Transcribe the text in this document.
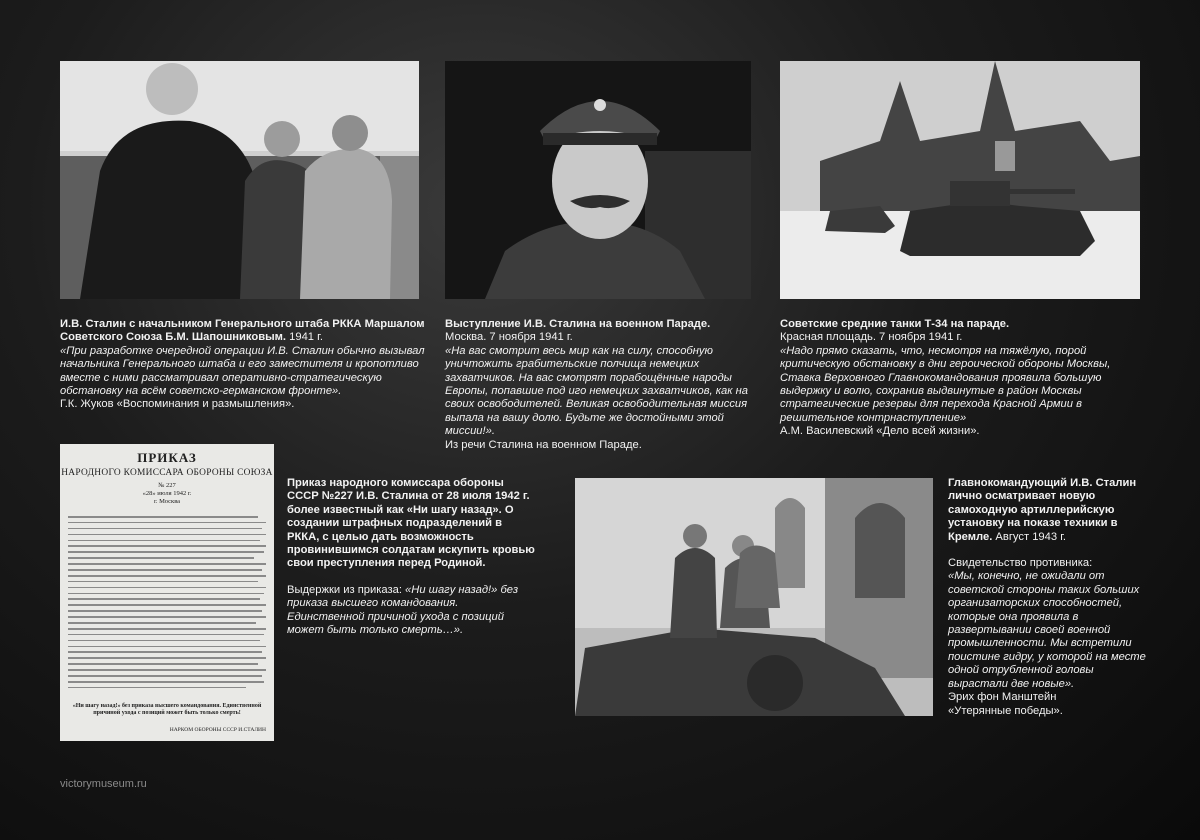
И.В. Сталин с начальником Генерального штаба РККА Маршалом Советского Союза Б.М. Шапошниковым. 1941 г.

«При разработке очередной операции И.В. Сталин обычно вызывал начальника Генерального штаба и его заместителя и кропотливо вместе с ними рассматривал оперативно-стратегическую обстановку на всём советско-германском фронте».

Г.К. Жуков «Воспоминания и размышления».

Выступление И.В. Сталина на военном Параде.

Москва. 7 ноября 1941 г.

«На вас смотрит весь мир как на силу, способную уничтожить грабительские полчища немецких захватчиков. На вас смотрят порабощённые народы Европы, попавшие под иго немецких захватчиков, как на своих освободителей. Великая освободительная миссия выпала на вашу долю. Будьте же достойными этой миссии!».

Из речи Сталина на военном Параде.

Советские средние танки Т-34 на параде.

Красная площадь. 7 ноября 1941 г.

«Надо прямо сказать, что, несмотря на тяжёлую, порой критическую обстановку в дни героической обороны Москвы, Ставка Верховного Главнокомандования проявила большую выдержку и волю, сохранив выдвинутые в район Москвы стратегические резервы для перехода Красной Армии в решительное контрнаступление»

А.М. Василевский «Дело всей жизни».

ПРИКАЗ
НАРОДНОГО КОМИССАРА ОБОРОНЫ СОЮЗА
№ 227
«28» июля 1942 г.
г. Москва
«Ни шагу назад!» без приказа высшего командования. Единственной причиной ухода с позиций может быть только смерть!
НАРКОМ ОБОРОНЫ СССР И.СТАЛИН

Приказ народного комиссара обороны СССР №227 И.В. Сталина от 28 июля 1942 г. более известный как «Ни шагу назад». О создании штрафных подразделений в РККА, с целью дать возможность провинившимся солдатам искупить кровью свои преступления перед Родиной.

Выдержки из приказа: «Ни шагу назад!» без приказа высшего командования. Единственной причиной ухода с позиций может быть только смерть…».

Главнокомандующий И.В. Сталин лично осматривает новую самоходную артиллерийскую установку на показе техники в Кремле. Август 1943 г.

Свидетельство противника:

«Мы, конечно, не ожидали от советской стороны таких больших организаторских способностей, которые она проявила в развертывании своей военной промышленности. Мы встретили поистине гидру, у которой на месте одной отрубленной головы вырастали две новые».

Эрих фон Манштейн

«Утерянные победы».

victorymuseum.ru
